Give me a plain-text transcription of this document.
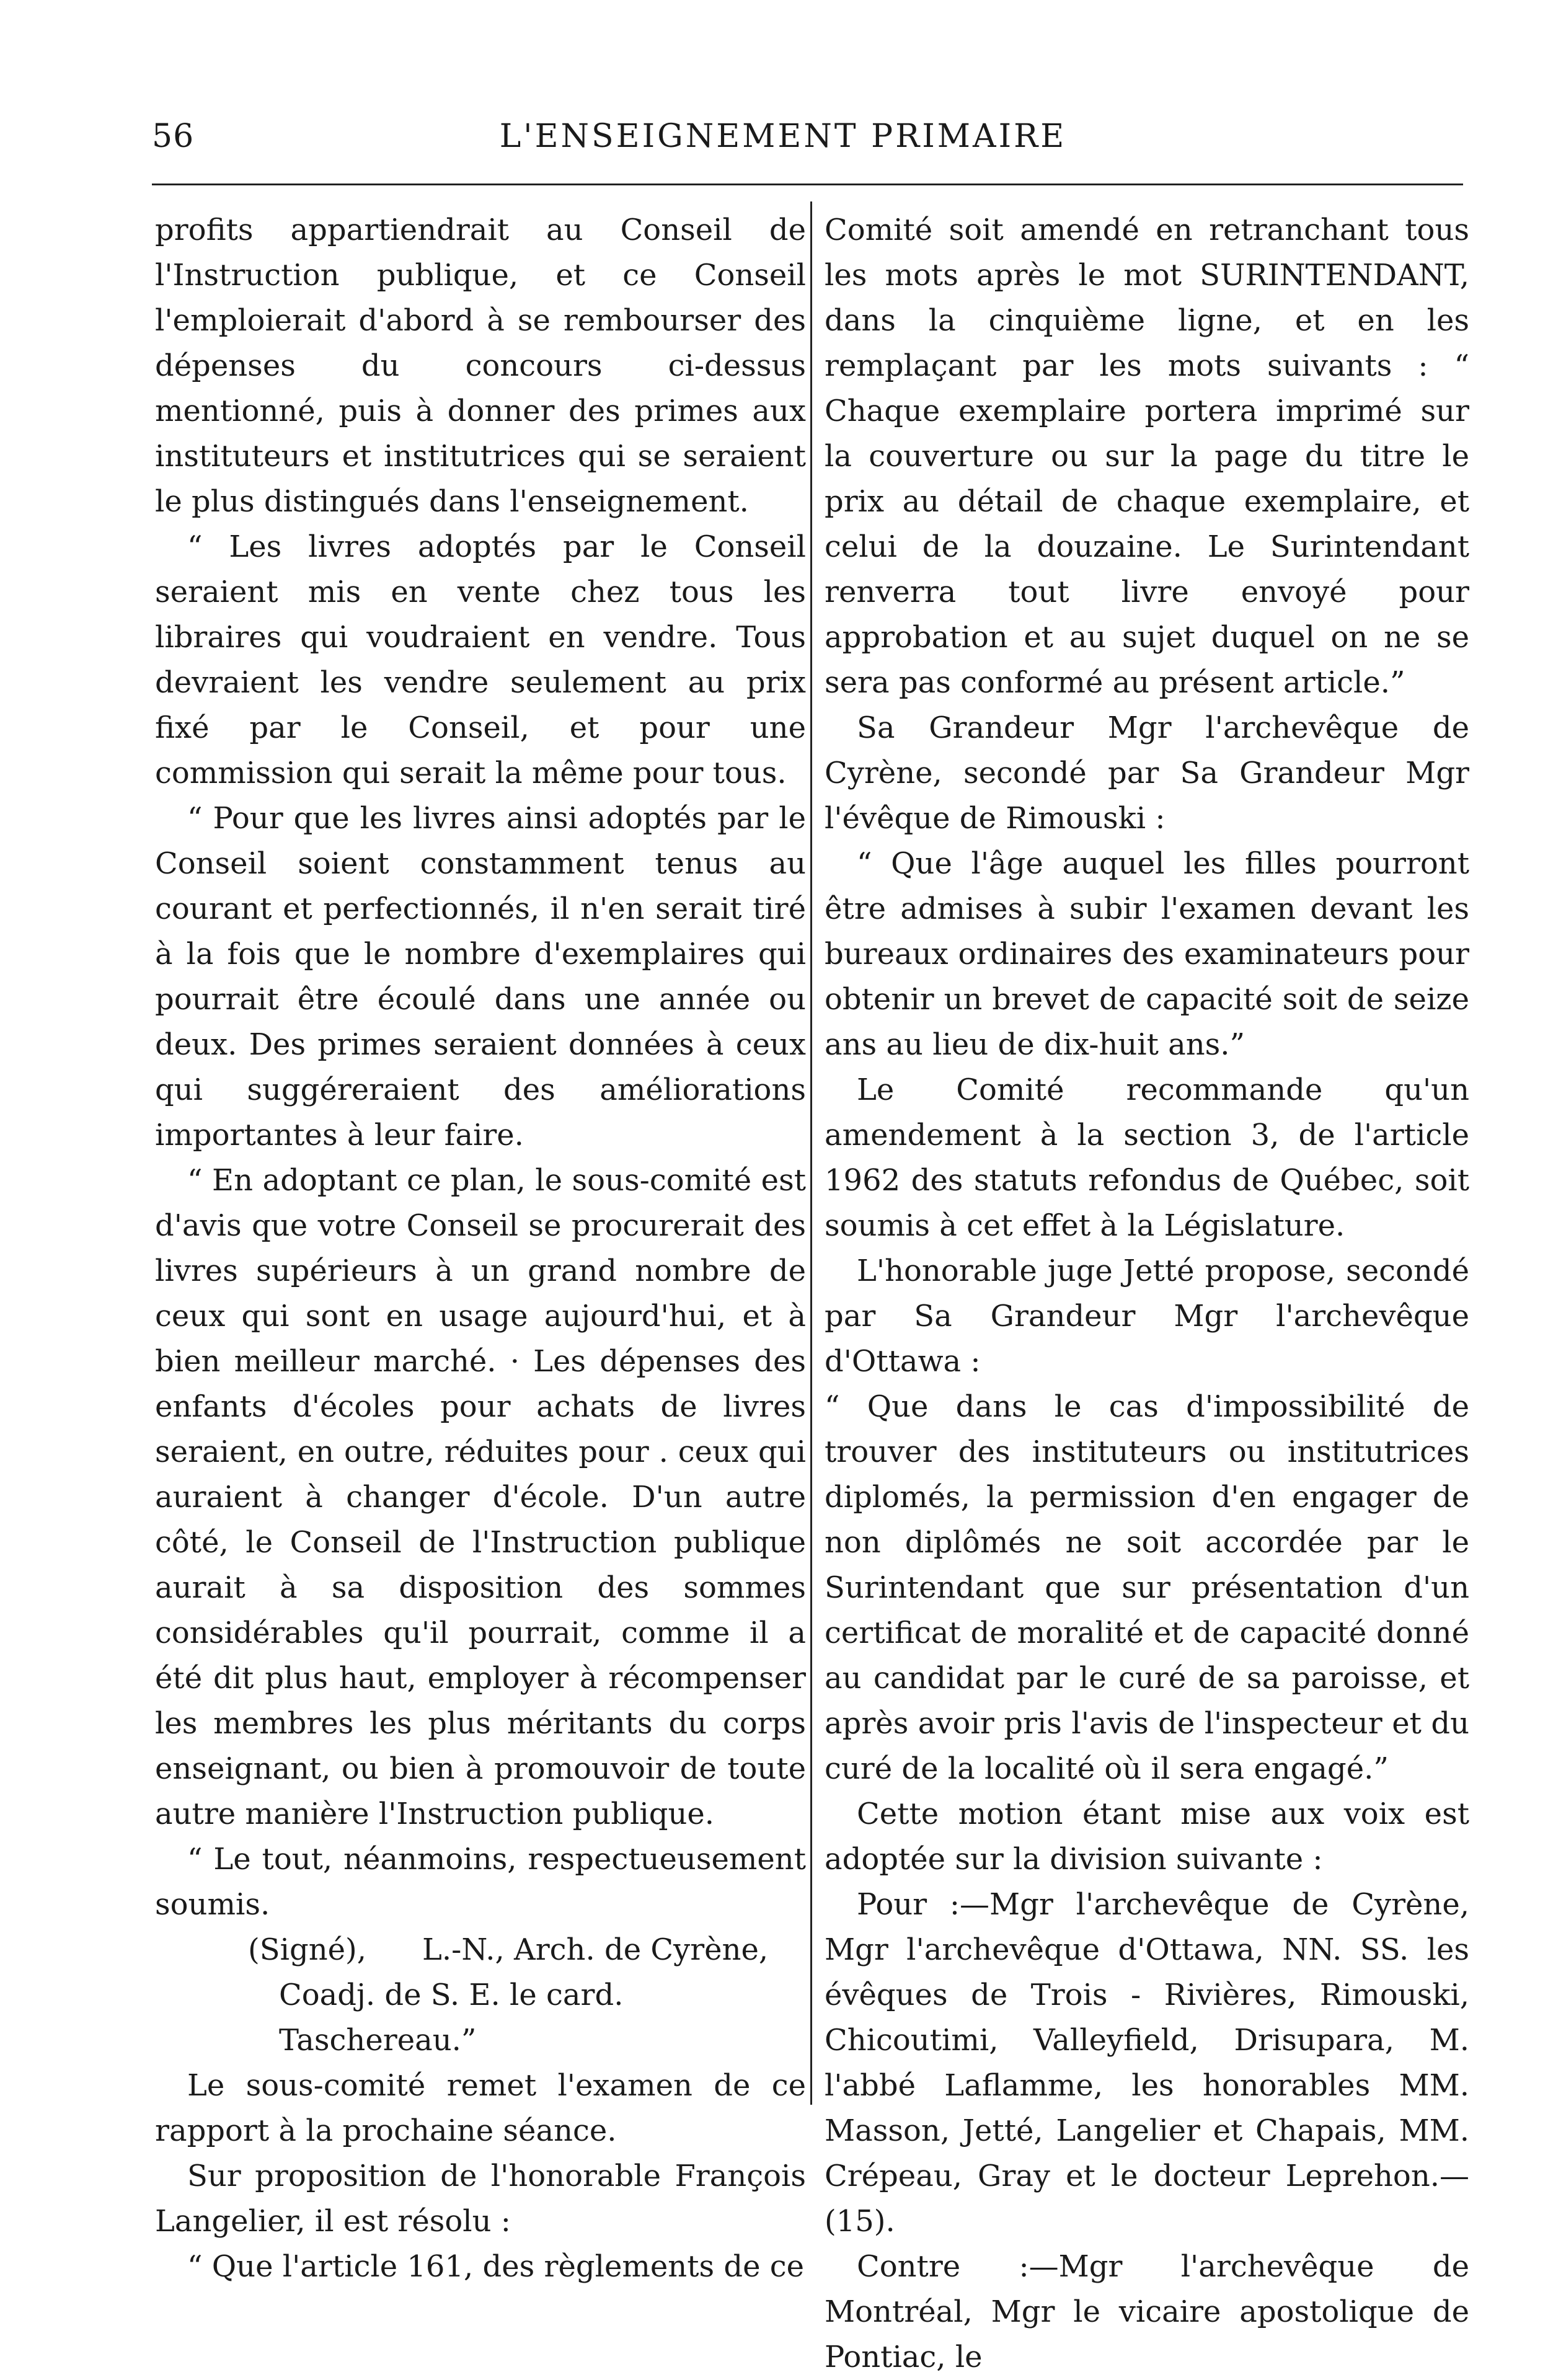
56	L'ENSEIGNEMENT PRIMAIRE

profits appartiendrait au Conseil de l'Instruction publique, et ce Conseil l'emploierait d'abord à se rembourser des dépenses du concours ci-dessus mentionné, puis à donner des primes aux instituteurs et institutrices qui se seraient le plus distingués dans l'enseignement.

“ Les livres adoptés par le Conseil seraient mis en vente chez tous les libraires qui voudraient en vendre. Tous devraient les vendre seulement au prix fixé par le Conseil, et pour une commission qui serait la même pour tous.

“ Pour que les livres ainsi adoptés par le Conseil soient constamment tenus au courant et perfectionnés, il n'en serait tiré à la fois que le nombre d'exemplaires qui pourrait être écoulé dans une année ou deux. Des primes seraient données à ceux qui suggéreraient des améliorations importantes à leur faire.

“ En adoptant ce plan, le sous-comité est d'avis que votre Conseil se procurerait des livres supérieurs à un grand nombre de ceux qui sont en usage aujourd'hui, et à bien meilleur marché. · Les dépenses des enfants d'écoles pour achats de livres seraient, en outre, réduites pour . ceux qui auraient à changer d'école. D'un autre côté, le Conseil de l'Instruction publique aurait à sa disposition des sommes considérables qu'il pourrait, comme il a été dit plus haut, employer à récompenser les membres les plus méritants du corps enseignant, ou bien à promouvoir de toute autre manière l'Instruction publique.

“ Le tout, néanmoins, respectueusement soumis.

(Signé), L.-N., Arch. de Cyrène,
Coadj. de S. E. le card. Taschereau.”

Le sous-comité remet l'examen de ce rapport à la prochaine séance.

Sur proposition de l'honorable François Langelier, il est résolu :

“ Que l'article 161, des règlements de ce

Comité soit amendé en retranchant tous les mots après le mot SURINTENDANT, dans la cinquième ligne, et en les remplaçant par les mots suivants : “ Chaque exemplaire portera imprimé sur la couverture ou sur la page du titre le prix au détail de chaque exemplaire, et celui de la douzaine. Le Surintendant renverra tout livre envoyé pour approbation et au sujet duquel on ne se sera pas conformé au présent article.”

Sa Grandeur Mgr l'archevêque de Cyrène, secondé par Sa Grandeur Mgr l'évêque de Rimouski :

“ Que l'âge auquel les filles pourront être admises à subir l'examen devant les bureaux ordinaires des examinateurs pour obtenir un brevet de capacité soit de seize ans au lieu de dix-huit ans.”

Le Comité recommande qu'un amendement à la section 3, de l'article 1962 des statuts refondus de Québec, soit soumis à cet effet à la Législature.

L'honorable juge Jetté propose, secondé par Sa Grandeur Mgr l'archevêque d'Ottawa :

“ Que dans le cas d'impossibilité de trouver des instituteurs ou institutrices diplomés, la permission d'en engager de non diplômés ne soit accordée par le Surintendant que sur présentation d'un certificat de moralité et de capacité donné au candidat par le curé de sa paroisse, et après avoir pris l'avis de l'inspecteur et du curé de la localité où il sera engagé.”

Cette motion étant mise aux voix est adoptée sur la division suivante :

Pour :—Mgr l'archevêque de Cyrène, Mgr l'archevêque d'Ottawa, NN. SS. les évêques de Trois - Rivières, Rimouski, Chicoutimi, Valleyfield, Drisupara, M. l'abbé Laflamme, les honorables MM. Masson, Jetté, Langelier et Chapais, MM. Crépeau, Gray et le docteur Leprehon.—(15).

Contre :—Mgr l'archevêque de Montréal, Mgr le vicaire apostolique de Pontiac, le
